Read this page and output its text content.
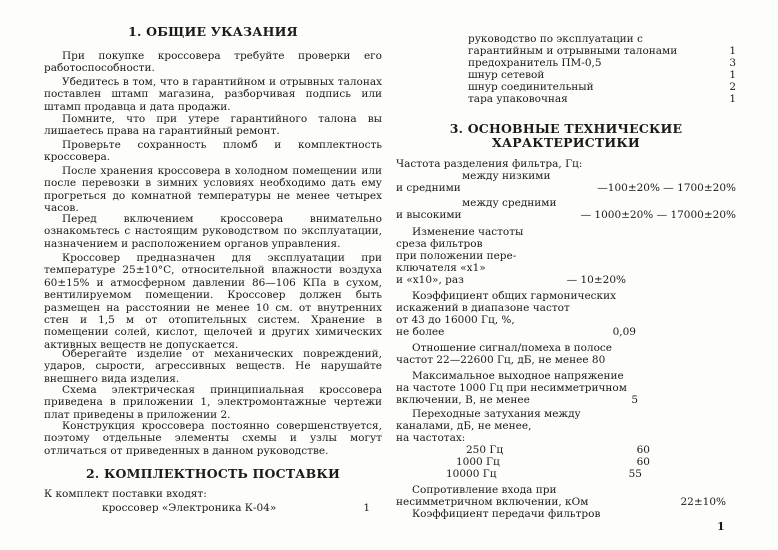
1. ОБЩИЕ УКАЗАНИЯ

При покупке кроссовера требуйте проверки его работоспособности.

Убедитесь в том, что в гарантийном и отрывных талонах поставлен штамп магазина, разборчивая подпись или штамп продавца и дата продажи.

Помните, что при утере гарантийного талона вы лишаетесь права на гарантийный ремонт.

Проверьте сохранность пломб и комплектность кроссовера.

После хранения кроссовера в холодном помещении или после перевозки в зимних условиях необходимо дать ему прогреться до комнатной температуры не менее четырех часов.

Перед включением кроссовера внимательно ознакомьтесь с настоящим руководством по эксплуатации, назначением и расположением органов управления.

Кроссовер предназначен для эксплуатации при температуре 25±10°С, относительной влажности воздуха 60±15% и атмосферном давлении 86—106 КПа в сухом, вентилируемом помещении. Кроссовер должен быть размещен на расстоянии не менее 10 см. от внутренних стен и 1,5 м от отопительных систем. Хранение в помещении солей, кислот, щелочей и других химических активных веществ не допускается.

Оберегайте изделие от механических повреждений, ударов, сырости, агрессивных веществ. Не нарушайте внешнего вида изделия.

Схема электрическая принципиальная кроссовера приведена в приложении 1, электромонтажные чертежи плат приведены в приложении 2.

Конструкция кроссовера постоянно совершенствуется, поэтому отдельные элементы схемы и узлы могут отличаться от приведенных в данном руководстве.

2. КОМПЛЕКТНОСТЬ ПОСТАВКИ
К комплект поставки входят:
кроссовер «Электроника К-04»	1
руководство по эксплуатации с
гарантийным и отрывными талонами	1
предохранитель ПМ-0,5	3
шнур сетевой	1
шнур соединительный	2
тара упаковочная	1
3. ОСНОВНЫЕ ТЕХНИЧЕСКИЕ
ХАРАКТЕРИСТИКИ
Частота разделения фильтра, Гц:
между низкими
и средними	—100±20% — 1700±20%
между средними
и высокими	— 1000±20% — 17000±20%
Изменение частоты
среза фильтров
при положении пере-
ключателя «х1»
и «х10», раз	— 10±20%
Коэффициент общих гармонических
искажений в диапазоне частот
от 43 до 16000 Гц, %,
не более	0,09
Отношение сигнал/помеха в полосе
частот 22—22600 Гц, дБ, не менее 80
Максимальное выходное напряжение
на частоте 1000 Гц при несимметричном
включении, В, не менее	5
Переходные затухания между
каналами, дБ, не менее,
на частотах:
250 Гц	60
1000 Гц	60
10000 Гц	55
Сопротивление входа при
несимметричном включении, кОм	22±10%
Коэффициент передачи фильтров
1
